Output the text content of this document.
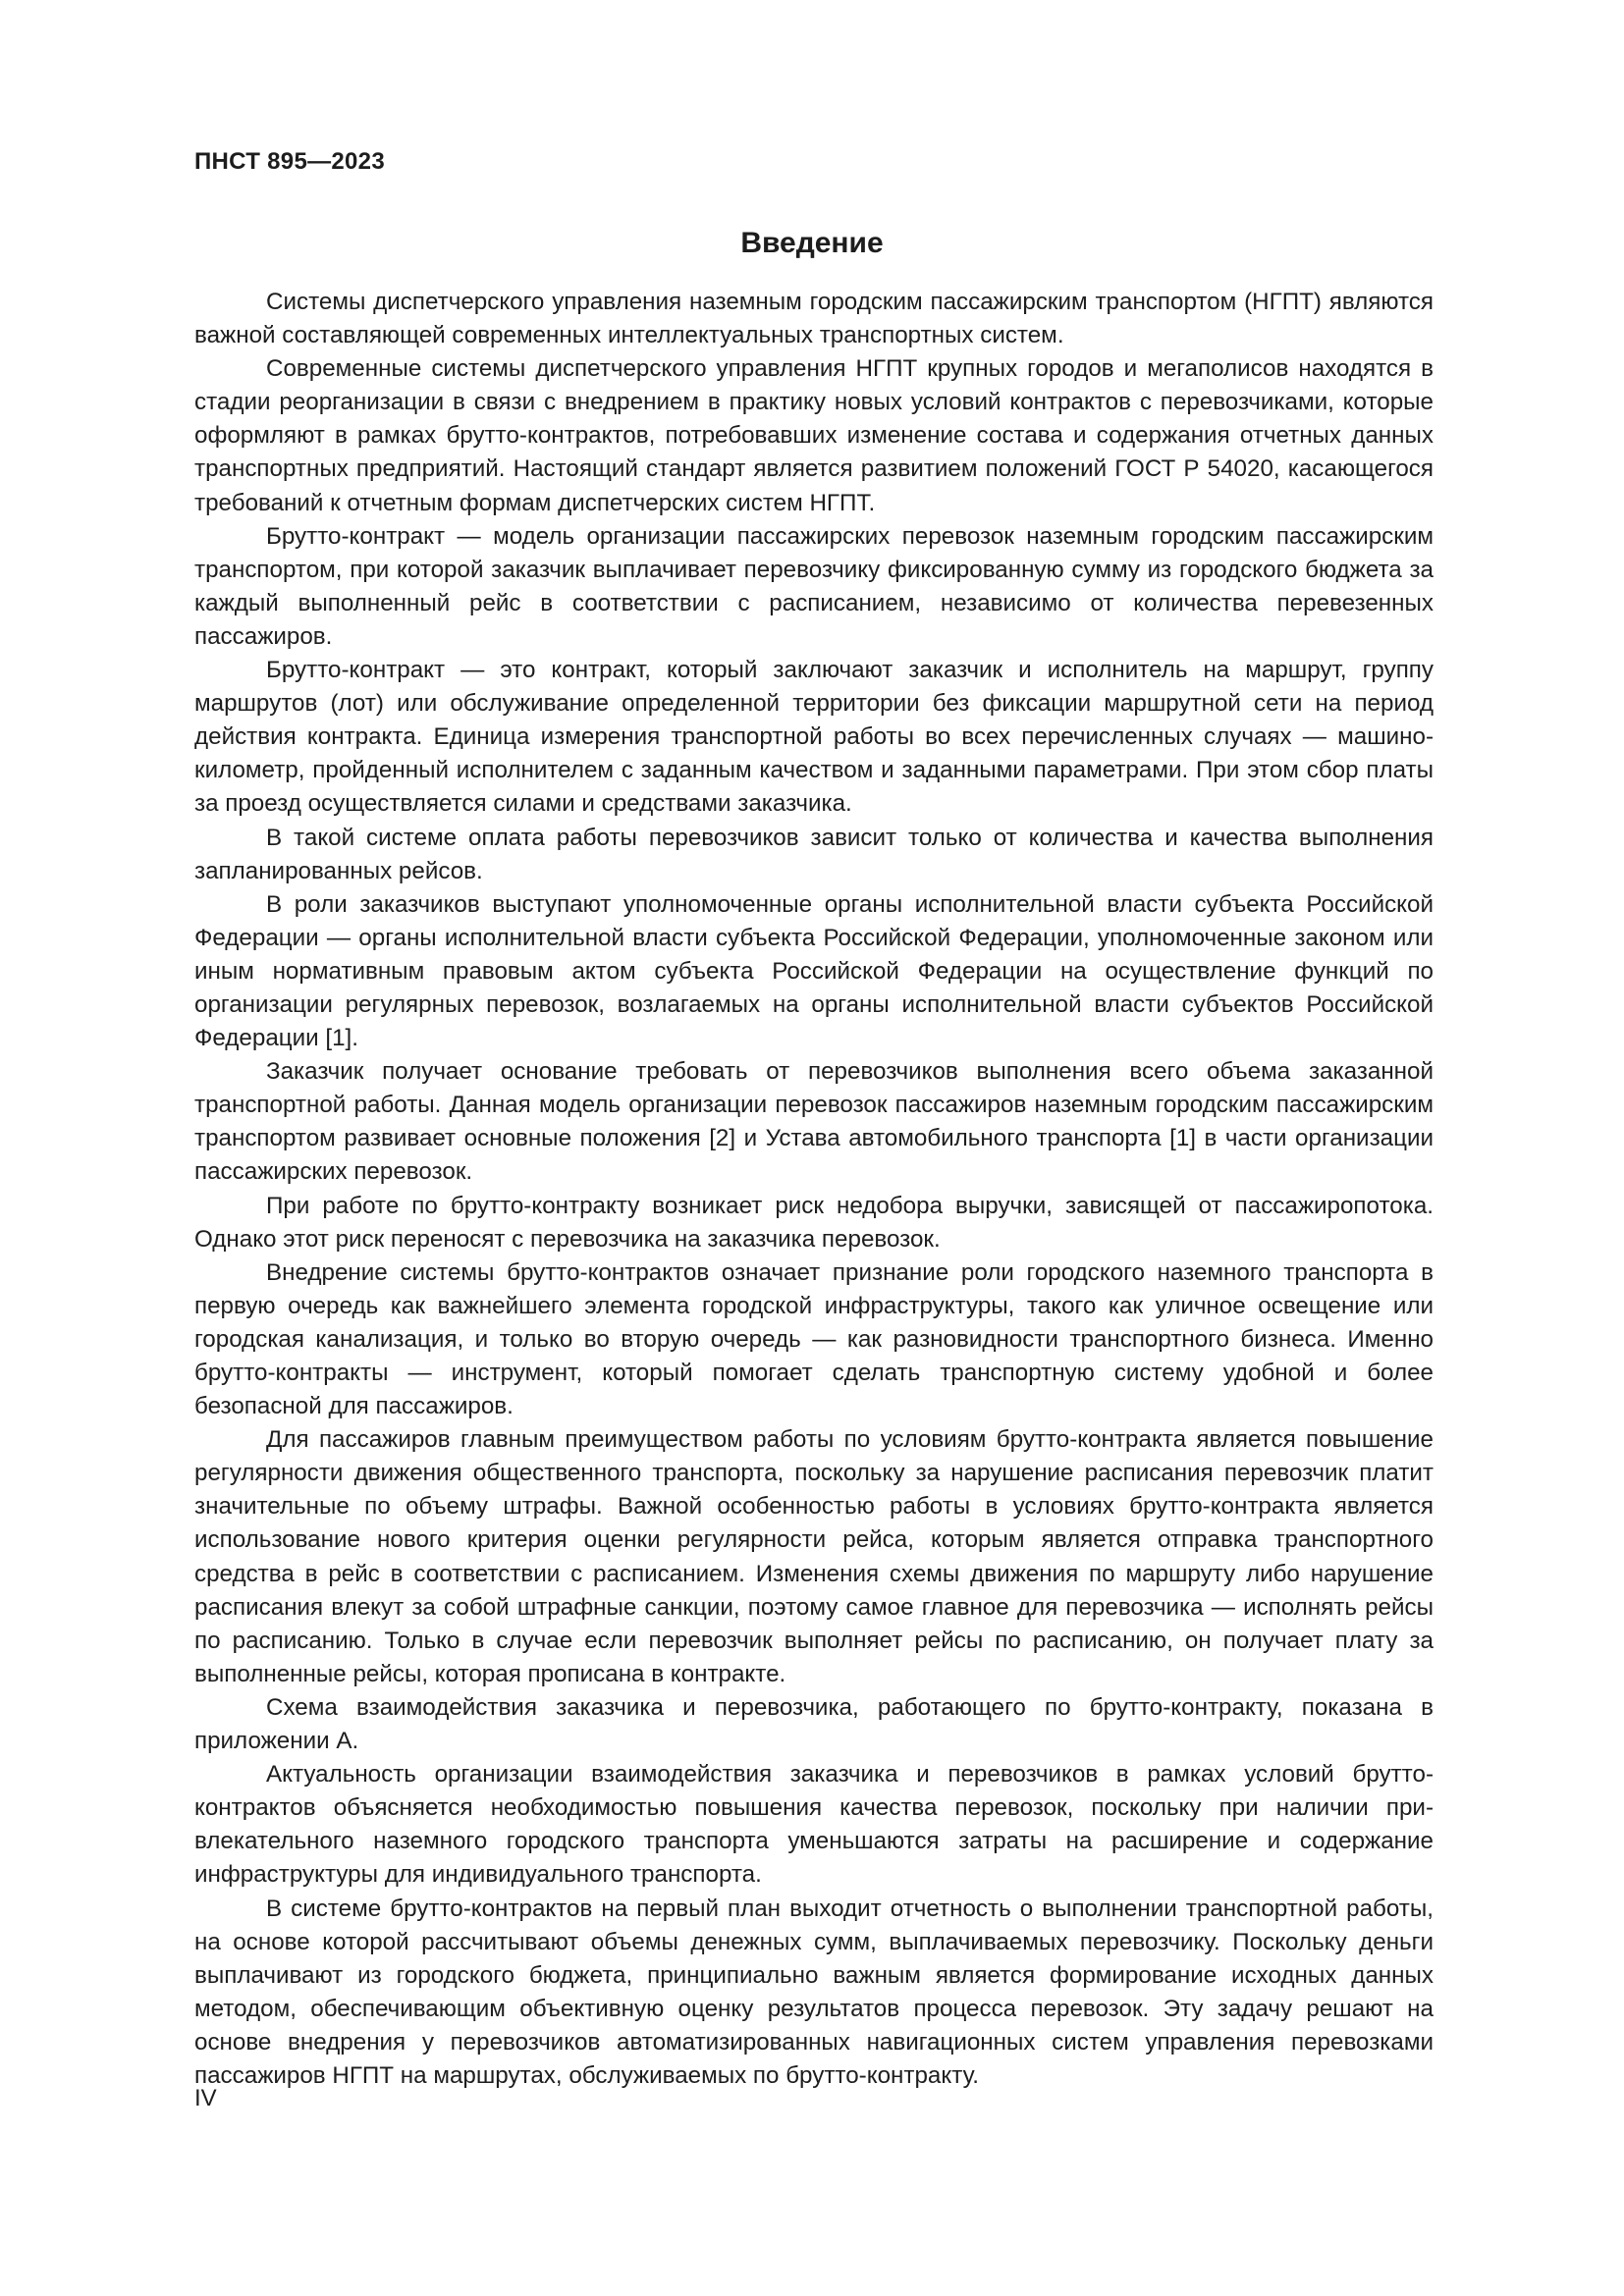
ПНСТ 895—2023

Введение

Системы диспетчерского управления наземным городским пассажирским транспортом (НГПТ) являются важной составляющей современных интеллектуальных транспортных систем.

Современные системы диспетчерского управления НГПТ крупных городов и мегаполисов находятся в стадии реорганизации в связи с внедрением в практику новых условий контрактов с перевозчиками, которые оформляют в рамках брутто-контрактов, потребовавших изменение состава и содержания отчетных данных транспортных предприятий. Настоящий стандарт является развитием положений ГОСТ Р 54020, касающегося требований к отчетным формам диспетчерских систем НГПТ.

Брутто-контракт — модель организации пассажирских перевозок наземным городским пассажирским транспортом, при которой заказчик выплачивает перевозчику фиксированную сумму из городского бюджета за каждый выполненный рейс в соответствии с расписанием, независимо от количества перевезенных пассажиров.

Брутто-контракт — это контракт, который заключают заказчик и исполнитель на маршрут, группу маршрутов (лот) или обслуживание определенной территории без фиксации маршрутной сети на период действия контракта. Единица измерения транспортной работы во всех перечисленных случаях — машино-километр, пройденный исполнителем с заданным качеством и заданными параметрами. При этом сбор платы за проезд осуществляется силами и средствами заказчика.

В такой системе оплата работы перевозчиков зависит только от количества и качества выполнения запланированных рейсов.

В роли заказчиков выступают уполномоченные органы исполнительной власти субъекта Российской Федерации — органы исполнительной власти субъекта Российской Федерации, уполномоченные законом или иным нормативным правовым актом субъекта Российской Федерации на осуществление функций по организации регулярных перевозок, возлагаемых на органы исполнительной власти субъектов Российской Федерации [1].

Заказчик получает основание требовать от перевозчиков выполнения всего объема заказанной транспортной работы. Данная модель организации перевозок пассажиров наземным городским пассажирским транспортом развивает основные положения [2] и Устава автомобильного транспорта [1] в части организации пассажирских перевозок.

При работе по брутто-контракту возникает риск недобора выручки, зависящей от пассажиропотока. Однако этот риск переносят с перевозчика на заказчика перевозок.

Внедрение системы брутто-контрактов означает признание роли городского наземного транспорта в первую очередь как важнейшего элемента городской инфраструктуры, такого как уличное освещение или городская канализация, и только во вторую очередь — как разновидности транспортного бизнеса. Именно брутто-контракты — инструмент, который помогает сделать транспортную систему удобной и более безопасной для пассажиров.

Для пассажиров главным преимуществом работы по условиям брутто-контракта является повышение регулярности движения общественного транспорта, поскольку за нарушение расписания перевозчик платит значительные по объему штрафы. Важной особенностью работы в условиях брутто-контракта является использование нового критерия оценки регулярности рейса, которым является отправка транспортного средства в рейс в соответствии с расписанием. Изменения схемы движения по маршруту либо нарушение расписания влекут за собой штрафные санкции, поэтому самое главное для перевозчика — исполнять рейсы по расписанию. Только в случае если перевозчик выполняет рейсы по расписанию, он получает плату за выполненные рейсы, которая прописана в контракте.

Схема взаимодействия заказчика и перевозчика, работающего по брутто-контракту, показана в приложении А.

Актуальность организации взаимодействия заказчика и перевозчиков в рамках условий брутто-контрактов объясняется необходимостью повышения качества перевозок, поскольку при наличии привлекательного наземного городского транспорта уменьшаются затраты на расширение и содержание инфраструктуры для индивидуального транспорта.

В системе брутто-контрактов на первый план выходит отчетность о выполнении транспортной работы, на основе которой рассчитывают объемы денежных сумм, выплачиваемых перевозчику. Поскольку деньги выплачивают из городского бюджета, принципиально важным является формирование исходных данных методом, обеспечивающим объективную оценку результатов процесса перевозок. Эту задачу решают на основе внедрения у перевозчиков автоматизированных навигационных систем управления перевозками пассажиров НГПТ на маршрутах, обслуживаемых по брутто-контракту.

IV
